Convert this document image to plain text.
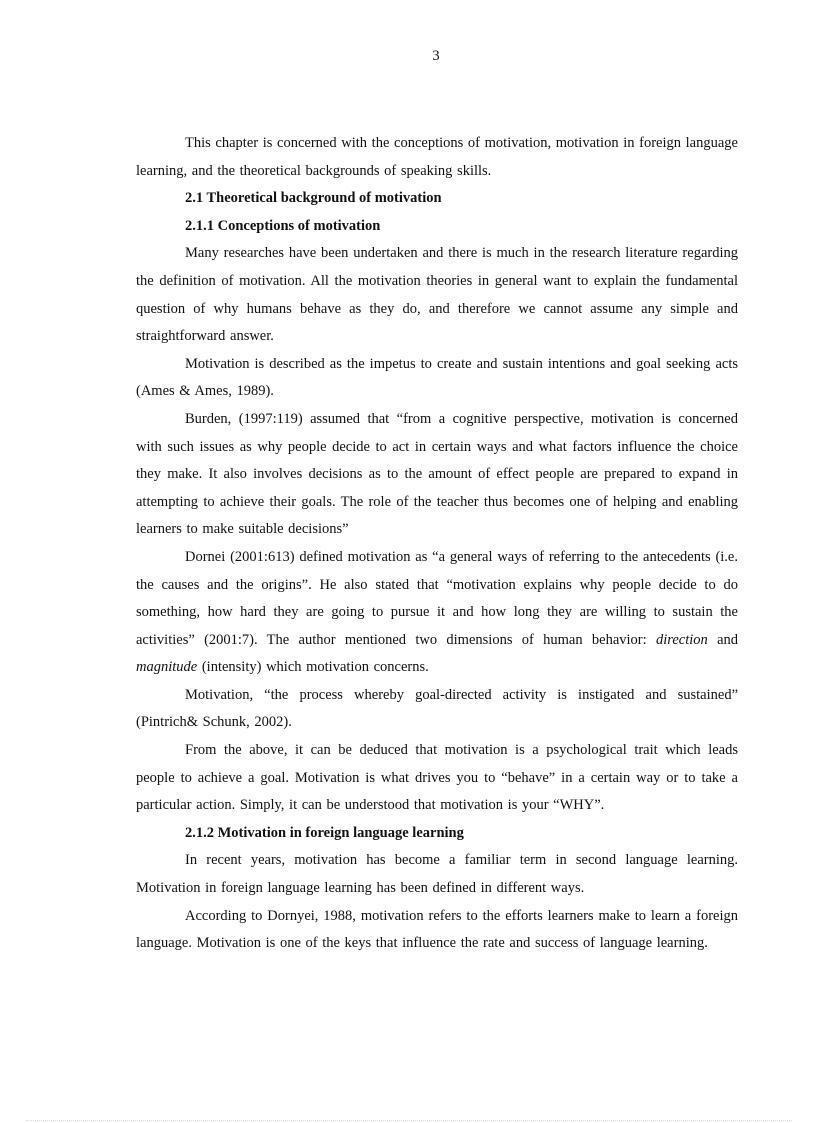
3

This chapter is concerned with the conceptions of motivation, motivation in foreign language learning, and the theoretical backgrounds of speaking skills.

2.1 Theoretical background of motivation

2.1.1 Conceptions of motivation

Many researches have been undertaken and there is much in the research literature regarding the definition of motivation. All the motivation theories in general want to explain the fundamental question of why humans behave as they do, and therefore we cannot assume any simple and straightforward answer.

Motivation is described as the impetus to create and sustain intentions and goal seeking acts (Ames & Ames, 1989).

Burden, (1997:119) assumed that “from a cognitive perspective, motivation is concerned with such issues as why people decide to act in certain ways and what factors influence the choice they make. It also involves decisions as to the amount of effect people are prepared to expand in attempting to achieve their goals. The role of the teacher thus becomes one of helping and enabling learners to make suitable decisions”

Dornei (2001:613) defined motivation as “a general ways of referring to the antecedents (i.e. the causes and the origins”. He also stated that “motivation explains why people decide to do something, how hard they are going to pursue it and how long they are willing to sustain the activities” (2001:7). The author mentioned two dimensions of human behavior: direction and magnitude (intensity) which motivation concerns.

Motivation, “the process whereby goal-directed activity is instigated and sustained” (Pintrich& Schunk, 2002).

From the above, it can be deduced that motivation is a psychological trait which leads people to achieve a goal. Motivation is what drives you to “behave” in a certain way or to take a particular action. Simply, it can be understood that motivation is your “WHY”.

2.1.2 Motivation in foreign language learning

In recent years, motivation has become a familiar term in second language learning. Motivation in foreign language learning has been defined in different ways.

According to Dornyei, 1988, motivation refers to the efforts learners make to learn a foreign language. Motivation is one of the keys that influence the rate and success of language learning.
